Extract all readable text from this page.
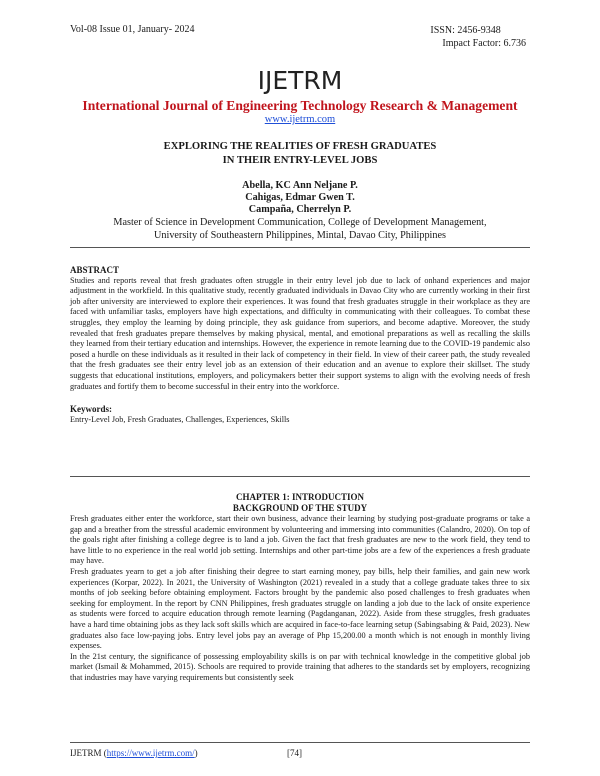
Vol-08 Issue 01, January- 2024	ISSN: 2456-9348
Impact Factor: 6.736
IJETRM
International Journal of Engineering Technology Research & Management
www.ijetrm.com
EXPLORING THE REALITIES OF FRESH GRADUATES
IN THEIR ENTRY-LEVEL JOBS
Abella, KC Ann Neljane P.
Cahigas, Edmar Gwen T.
Campaña, Cherrelyn P.
Master of Science in Development Communication, College of Development Management,
University of Southeastern Philippines, Mintal, Davao City, Philippines
ABSTRACT

Studies and reports reveal that fresh graduates often struggle in their entry level job due to lack of onhand experiences and major adjustment in the workfield. In this qualitative study, recently graduated individuals in Davao City who are currently working in their first job after university are interviewed to explore their experiences. It was found that fresh graduates struggle in their workplace as they are faced with unfamiliar tasks, employers have high expectations, and difficulty in communicating with their colleagues. To combat these struggles, they employ the learning by doing principle, they ask guidance from superiors, and become adaptive. Moreover, the study revealed that fresh graduates prepare themselves by making physical, mental, and emotional preparations as well as recalling the skills they learned from their tertiary education and internships. However, the experience in remote learning due to the COVID-19 pandemic also posed a hurdle on these individuals as it resulted in their lack of competency in their field. In view of their career path, the study revealed that the fresh graduates see their entry level job as an extension of their education and an avenue to explore their skillset. The study suggests that educational institutions, employers, and policymakers better their support systems to align with the evolving needs of fresh graduates and fortify them to become successful in their entry into the workforce.

Keywords:

Entry-Level Job, Fresh Graduates, Challenges, Experiences, Skills

CHAPTER 1: INTRODUCTION
BACKGROUND OF THE STUDY

Fresh graduates either enter the workforce, start their own business, advance their learning by studying post-graduate programs or take a gap and a breather from the stressful academic environment by volunteering and immersing into communities (Calandro, 2020). On top of the goals right after finishing a college degree is to land a job. Given the fact that fresh graduates are new to the work field, they tend to have little to no experience in the real world job setting. Internships and other part-time jobs are a few of the experiences a fresh graduate may have.

Fresh graduates yearn to get a job after finishing their degree to start earning money, pay bills, help their families, and gain new work experiences (Korpar, 2022). In 2021, the University of Washington (2021) revealed in a study that a college graduate takes three to six months of job seeking before obtaining employment. Factors brought by the pandemic also posed challenges to fresh graduates when seeking for employment. In the report by CNN Philippines, fresh graduates struggle on landing a job due to the lack of onsite experience as students were forced to acquire education through remote learning (Pagdanganan, 2022). Aside from these struggles, fresh graduates have a hard time obtaining jobs as they lack soft skills which are acquired in face-to-face learning setup (Sabingsabing & Paid, 2023). New graduates also face low-paying jobs. Entry level jobs pay an average of Php 15,200.00 a month which is not enough in monthly living expenses.

In the 21st century, the significance of possessing employability skills is on par with technical knowledge in the competitive global job market (Ismail & Mohammed, 2015). Schools are required to provide training that adheres to the standards set by employers, recognizing that industries may have varying requirements but consistently seek

IJETRM (https://www.ijetrm.com/)	[74]
